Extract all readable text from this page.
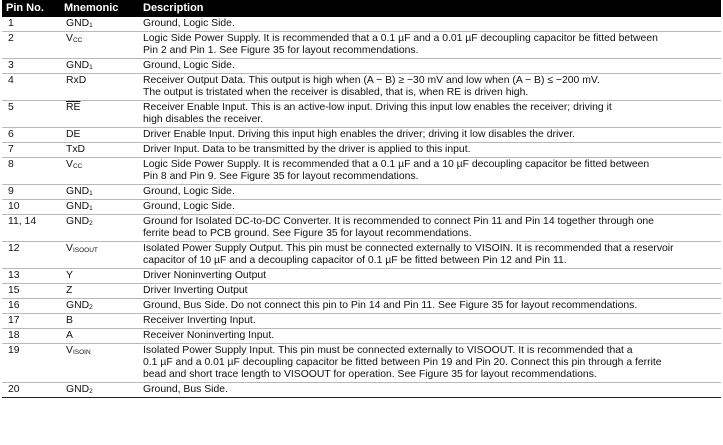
Pin No.	Mnemonic	Description
1	GND1	Ground, Logic Side.

2	VCC	Logic Side Power Supply. It is recommended that a 0.1 µF and a 0.01 µF decoupling capacitor be fitted between
Pin 2 and Pin 1. See Figure 35 for layout recommendations.

3	GND1	Ground, Logic Side.

4	RxD	Receiver Output Data. This output is high when (A − B) ≥ −30 mV and low when (A − B) ≤ −200 mV.
The output is tristated when the receiver is disabled, that is, when RE is driven high.

5	$\overline{RE}$	Receiver Enable Input. This is an active-low input. Driving this input low enables the receiver; driving it
high disables the receiver.

6	DE	Driver Enable Input. Driving this input high enables the driver; driving it low disables the driver.

7	TxD	Driver Input. Data to be transmitted by the driver is applied to this input.

8	VCC	Logic Side Power Supply. It is recommended that a 0.1 µF and a 10 µF decoupling capacitor be fitted between
Pin 8 and Pin 9. See Figure 35 for layout recommendations.

9	GND1	Ground, Logic Side.

10	GND1	Ground, Logic Side.

11, 14	GND2	Ground for Isolated DC-to-DC Converter. It is recommended to connect Pin 11 and Pin 14 together through one
ferrite bead to PCB ground. See Figure 35 for layout recommendations.

12	VISOOUT	Isolated Power Supply Output. This pin must be connected externally to VISOIN. It is recommended that a reservoir
capacitor of 10 µF and a decoupling capacitor of 0.1 µF be fitted between Pin 12 and Pin 11.

13	Y	Driver Noninverting Output

15	Z	Driver Inverting Output

16	GND2	Ground, Bus Side. Do not connect this pin to Pin 14 and Pin 11. See Figure 35 for layout recommendations.

17	B	Receiver Inverting Input.

18	A	Receiver Noninverting Input.

19	VISOIN	Isolated Power Supply Input. This pin must be connected externally to VISOOUT. It is recommended that a
0.1 µF and a 0.01 µF decoupling capacitor be fitted between Pin 19 and Pin 20. Connect this pin through a ferrite
bead and short trace length to VISOOUT for operation. See Figure 35 for layout recommendations.

20	GND2	Ground, Bus Side.
